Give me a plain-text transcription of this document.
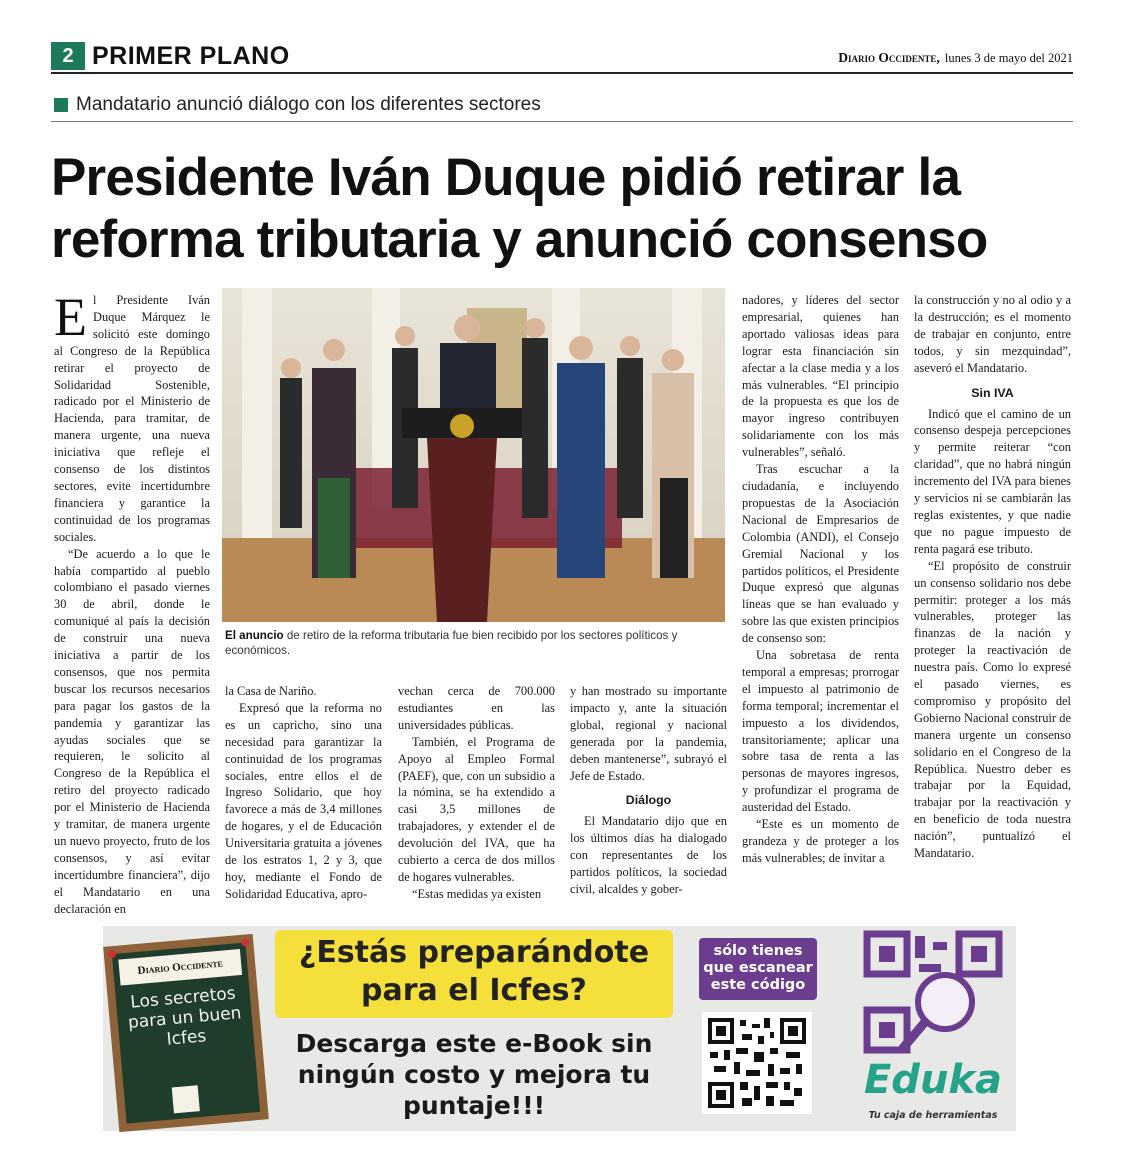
2 PRIMER PLANO	Diario Occidente, lunes 3 de mayo del 2021
Mandatario anunció diálogo con los diferentes sectores
Presidente Iván Duque pidió retirar la reforma tributaria y anunció consenso

El Presidente Iván Duque Márquez le solicitó este domingo al Congreso de la República retirar el proyecto de Solidaridad Sostenible, radicado por el Ministerio de Hacienda, para tramitar, de manera urgente, una nueva iniciativa que refleje el consenso de los distintos sectores, evite incertidumbre financiera y garantice la continuidad de los programas sociales.

“De acuerdo a lo que le había compartido al pueblo colombiano el pasado viernes 30 de abril, donde le comuniqué al país la decisión de construir una nueva iniciativa a partir de los consensos, que nos permita buscar los recursos necesarios para pagar los gastos de la pandemia y garantizar las ayudas sociales que se requieren, le solicito al Congreso de la República el retiro del proyecto radicado por el Ministerio de Hacienda y tramitar, de manera urgente un nuevo proyecto, fruto de los consensos, y así evitar incertidumbre financiera”, dijo el Mandatario en una declaración en

El anuncio de retiro de la reforma tributaria fue bien recibido por los sectores políticos y económicos.

la Casa de Nariño.

Expresó que la reforma no es un capricho, sino una necesidad para garantizar la continuidad de los programas sociales, entre ellos el de Ingreso Solidario, que hoy favorece a más de 3,4 millones de hogares, y el de Educación Universitaria gratuita a jóvenes de los estratos 1, 2 y 3, que hoy, mediante el Fondo de Solidaridad Educativa, apro-

vechan cerca de 700.000 estudiantes en las universidades públicas.

También, el Programa de Apoyo al Empleo Formal (PAEF), que, con un subsidio a la nómina, se ha extendido a casi 3,5 millones de trabajadores, y extender el de devolución del IVA, que ha cubierto a cerca de dos millos de hogares vulnerables.

“Estas medidas ya existen

y han mostrado su importante impacto y, ante la situación global, regional y nacional generada por la pandemia, deben mantenerse”, subrayó el Jefe de Estado.

Diálogo

El Mandatario dijo que en los últimos días ha dialogado con representantes de los partidos políticos, la sociedad civil, alcaldes y gober-

nadores, y líderes del sector empresarial, quienes han aportado valiosas ideas para lograr esta financiación sin afectar a la clase media y a los más vulnerables. “El principio de la propuesta es que los de mayor ingreso contribuyen solidariamente con los más vulnerables”, señaló.

Tras escuchar a la ciudadanía, e incluyendo propuestas de la Asociación Nacional de Empresarios de Colombia (ANDI), el Consejo Gremial Nacional y los partidos políticos, el Presidente Duque expresó que algunas líneas que se han evaluado y sobre las que existen principios de consenso son:

Una sobretasa de renta temporal a empresas; prorrogar el impuesto al patrimonio de forma temporal; incrementar el impuesto a los dividendos, transitoriamente; aplicar una sobre tasa de renta a las personas de mayores ingresos, y profundizar el programa de austeridad del Estado.

“Este es un momento de grandeza y de proteger a los más vulnerables; de invitar a

la construcción y no al odio y a la destrucción; es el momento de trabajar en conjunto, entre todos, y sin mezquindad”, aseveró el Mandatario.

Sin IVA

Indicó que el camino de un consenso despeja percepciones y permite reiterar “con claridad”, que no habrá ningún incremento del IVA para bienes y servicios ni se cambiarán las reglas existentes, y que nadie que no pague impuesto de renta pagará ese tributo.

“El propósito de construir un consenso solidario nos debe permitir: proteger a los más vulnerables, proteger las finanzas de la nación y proteger la reactivación de nuestra país. Como lo expresé el pasado viernes, es compromiso y propósito del Gobierno Nacional construir de manera urgente un consenso solidario en el Congreso de la República. Nuestro deber es trabajar por la Equidad, trabajar por la reactivación y en beneficio de toda nuestra nación”, puntualizó el Mandatario.

Diario Occidente
Los secretos para un buen Icfes
¿Estás preparándote para el Icfes?
Descarga este e-Book sin ningún costo y mejora tu puntaje!!!
sólo tienes que escanear este código
Eduka
Tu caja de herramientas
